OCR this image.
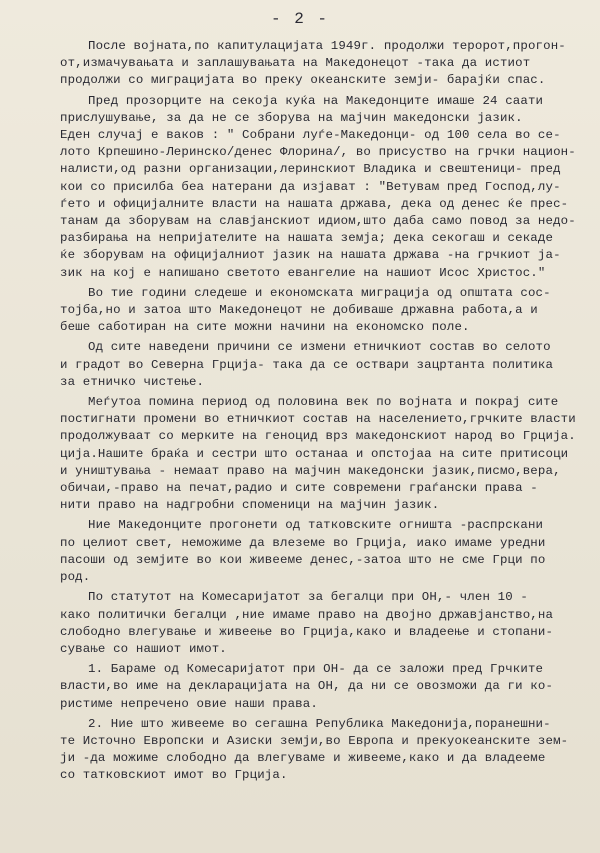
- 2 -
После војната,по капитулацијата 1949г. продолжи теророт,прогон-
от,измачувањата и заплашувањата на Македонецот -така да истиот
продолжи со миграцијата во преку океанските земји- барајќи спас.
Пред прозорците на секоја куќа на Македонците имаше 24 саати
прислушување, за да не се зборува на мајчин македонски јазик.
Еден случај е ваков : " Собрани луѓе-Македонци- од 100 села во се-
лото Крпешино-Леринско/денес Флорина/, во присуство на грчки национ-
налисти,од разни организации,леринскиот Владика и свештеници- пред
кои со присилба беа натерани да изјават : "Ветувам пред Господ,лу-
ѓето и официјалните власти на нашата држава, дека од денес ќе прес-
танам да зборувам на славјанскиот идиом,што даба само повод за недо-
разбирања на непријателите на нашата земја; дека секогаш и секаде
ќе зборувам на официјалниот јазик на нашата држава -на грчкиот ја-
зик на кој е напишано светото евангелие на нашиот Исос Христос."
Во тие години следеше и економската миграција од општата сос-
тојба,но и затоа што Македонецот не добиваше државна работа,а и
беше саботиран на сите можни начини на економско поле.
Од сите наведени причини се измени етничкиот состав во селото
и градот во Северна Грција- така да се оствари зацртанта политика
за етничко чистење.
Меѓутоа помина период од половина век по војната и покрај сите
постигнати промени во етничкиот состав на населението,грчките власти
продолжуваат со мерките на геноцид врз македонскиот народ во Грција.
ција.Нашите браќа и сестри што останаа и опстојаа на сите притисоци
и уништувања - немаат право на мајчин македонски јазик,писмо,вера,
обичаи,-право на печат,радио и сите современи граѓански права -
нити право на надгробни споменици на мајчин јазик.
Ние Македонците прогонети од татковските огништа -распрскани
по целиот свет, неможиме да влеземе во Грција, иако имаме уредни
пасоши од земјите во кои живееме денес,-затоа што не сме Грци по
род.
По статутот на Комесаријатот за бегалци при ОН,- член 10 -
како политички бегалци ,ние имаме право на двојно државјанство,на
слободно влегување и живеење во Грција,како и владеење и стопани-
сување со нашиот имот.
1. Бараме од Комесаријатот при ОН- да се заложи пред Грчките
власти,во име на декларацијата на ОН, да ни се овозможи да ги ко-
ристиме непречено овие наши права.
2. Ние што живееме во сегашна Република Македонија,поранешни-
те Источно Европски и Азиски земји,во Европа и прекуокеанските зем-
ји -да можиме слободно да влегуваме и живееме,како и да владееме
со татковскиот имот во Грција.
